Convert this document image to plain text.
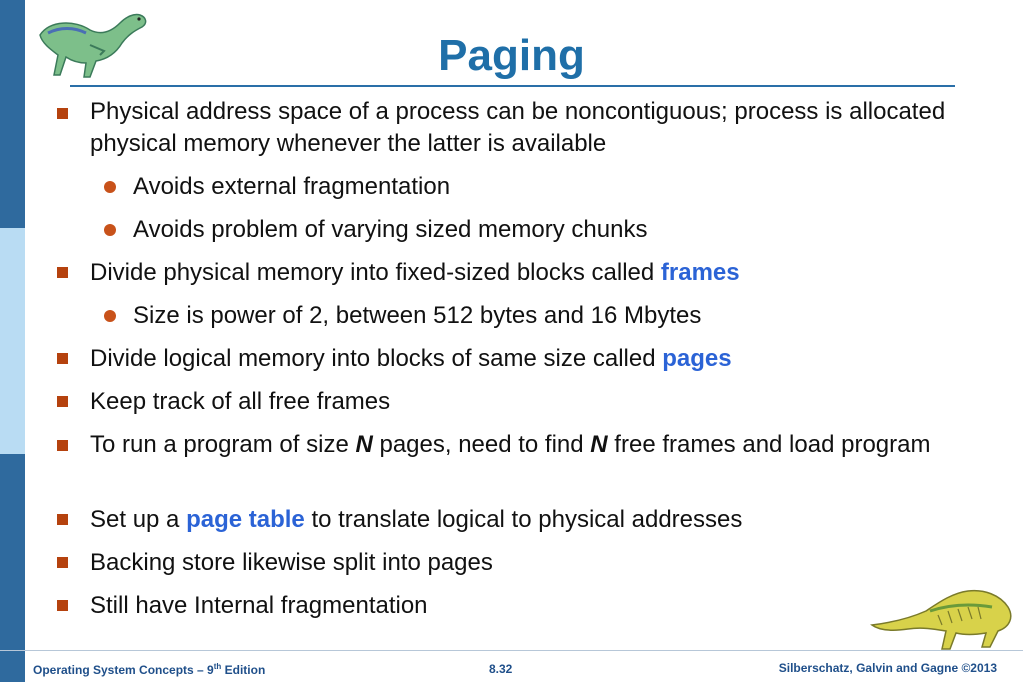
Paging
Physical address space of a process can be noncontiguous; process is allocated physical memory whenever the latter is available
Avoids external fragmentation
Avoids problem of varying sized memory chunks
Divide physical memory into fixed-sized blocks called frames
Size is power of 2, between 512 bytes and 16 Mbytes
Divide logical memory into blocks of same size called pages
Keep track of all free frames
To run a program of size N pages, need to find N free frames and load program
Set up a page table to translate logical to physical addresses
Backing store likewise split into pages
Still have Internal fragmentation
Operating System Concepts – 9th Edition	8.32	Silberschatz, Galvin and Gagne ©2013
